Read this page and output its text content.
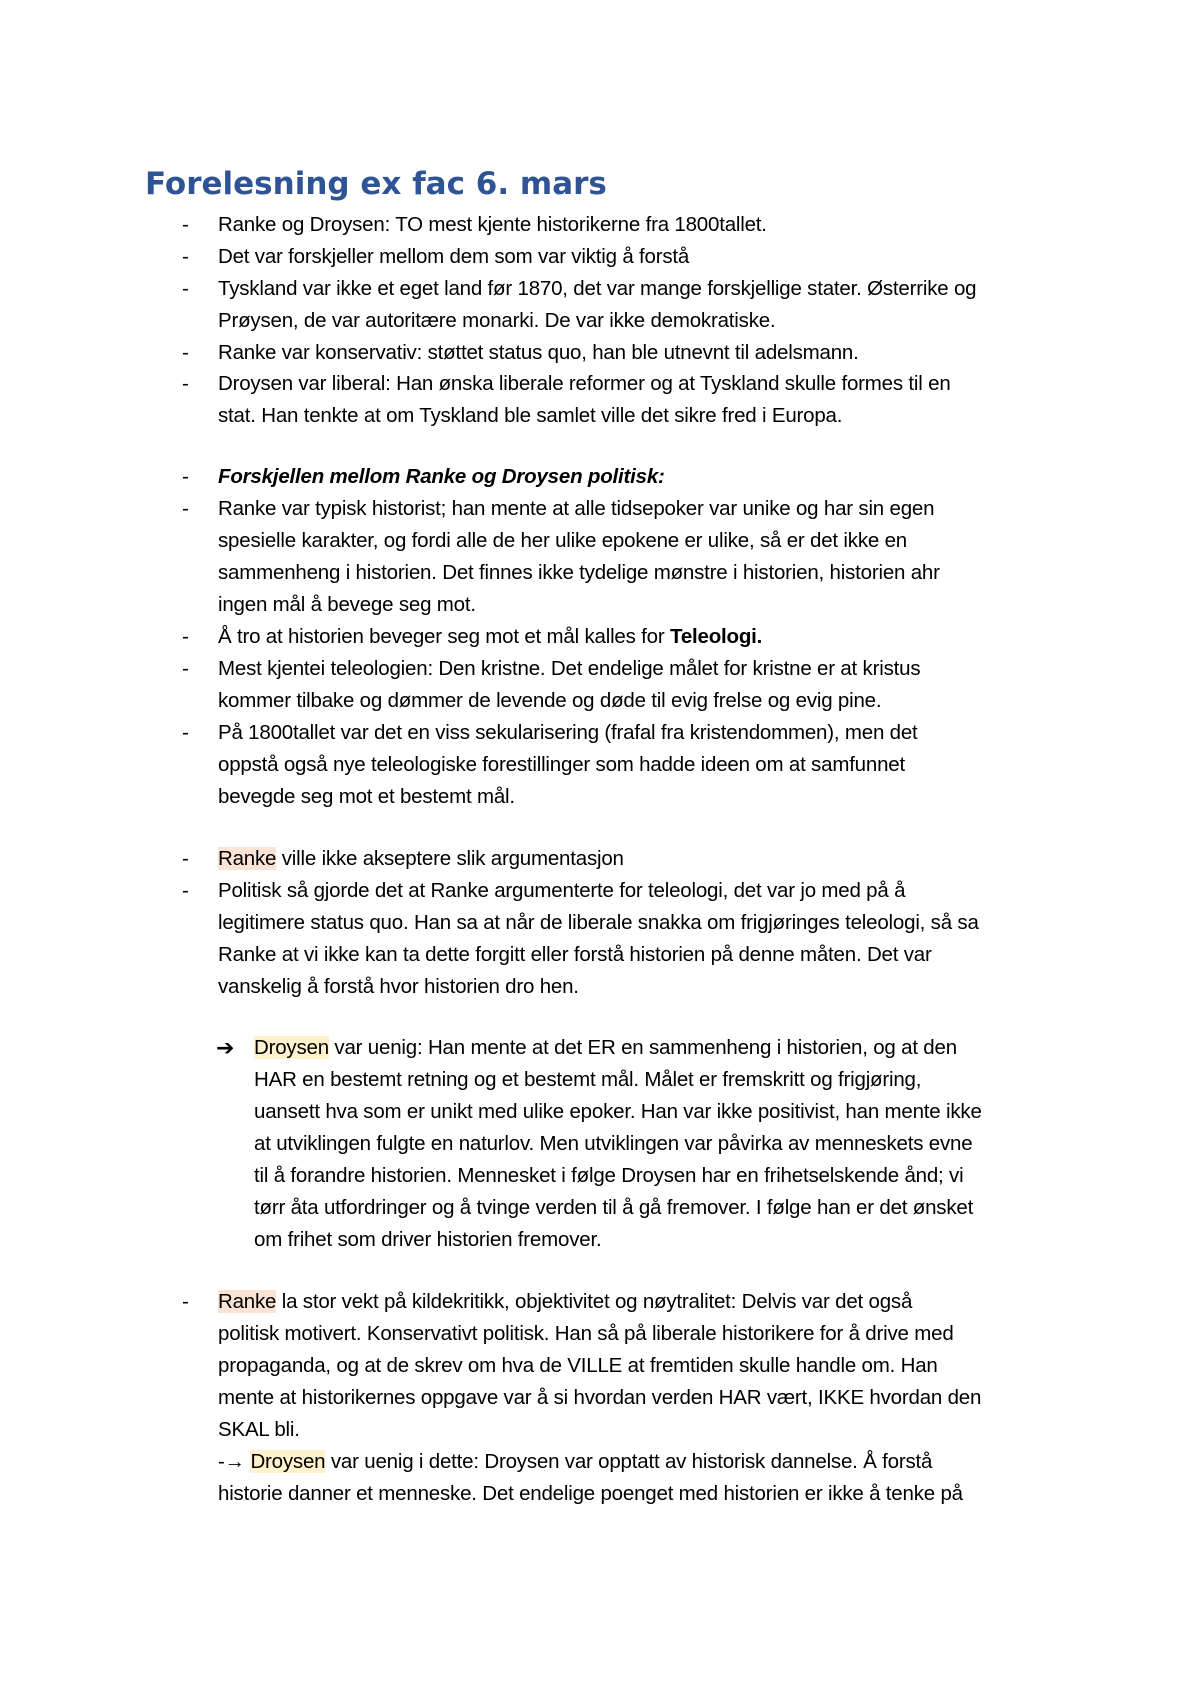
Forelesning ex fac 6. mars
-	Ranke og Droysen: TO mest kjente historikerne fra 1800tallet.
-	Det var forskjeller mellom dem som var viktig å forstå
-	Tyskland var ikke et eget land før 1870, det var mange forskjellige stater. Østerrike og
Prøysen, de var autoritære monarki. De var ikke demokratiske.
-	Ranke var konservativ: støttet status quo, han ble utnevnt til adelsmann.
-	Droysen var liberal: Han ønska liberale reformer og at Tyskland skulle formes til en
stat. Han tenkte at om Tyskland ble samlet ville det sikre fred i Europa.
-	Forskjellen mellom Ranke og Droysen politisk:
-	Ranke var typisk historist; han mente at alle tidsepoker var unike og har sin egen
spesielle karakter, og fordi alle de her ulike epokene er ulike, så er det ikke en
sammenheng i historien. Det finnes ikke tydelige mønstre i historien, historien ahr
ingen mål å bevege seg mot.
-	Å tro at historien beveger seg mot et mål kalles for Teleologi.
-	Mest kjentei teleologien: Den kristne. Det endelige målet for kristne er at kristus
kommer tilbake og dømmer de levende og døde til evig frelse og evig pine.
-	På 1800tallet var det en viss sekularisering (frafal fra kristendommen), men det
oppstå også nye teleologiske forestillinger som hadde ideen om at samfunnet
bevegde seg mot et bestemt mål.
-	Ranke ville ikke akseptere slik argumentasjon
-	Politisk så gjorde det at Ranke argumenterte for teleologi, det var jo med på å
legitimere status quo. Han sa at når de liberale snakka om frigjøringes teleologi, så sa
Ranke at vi ikke kan ta dette forgitt eller forstå historien på denne måten. Det var
vanskelig å forstå hvor historien dro hen.
➔ Droysen var uenig: Han mente at det ER en sammenheng i historien, og at den
HAR en bestemt retning og et bestemt mål. Målet er fremskritt og frigjøring,
uansett hva som er unikt med ulike epoker. Han var ikke positivist, han mente ikke
at utviklingen fulgte en naturlov. Men utviklingen var påvirka av menneskets evne
til å forandre historien. Mennesket i følge Droysen har en frihetselskende ånd; vi
tørr åta utfordringer og å tvinge verden til å gå fremover. I følge han er det ønsket
om frihet som driver historien fremover.
-	Ranke la stor vekt på kildekritikk, objektivitet og nøytralitet: Delvis var det også
politisk motivert. Konservativt politisk. Han så på liberale historikere for å drive med
propaganda, og at de skrev om hva de VILLE at fremtiden skulle handle om. Han
mente at historikernes oppgave var å si hvordan verden HAR vært, IKKE hvordan den
SKAL bli.
-→ Droysen var uenig i dette: Droysen var opptatt av historisk dannelse. Å forstå
historie danner et menneske. Det endelige poenget med historien er ikke å tenke på
